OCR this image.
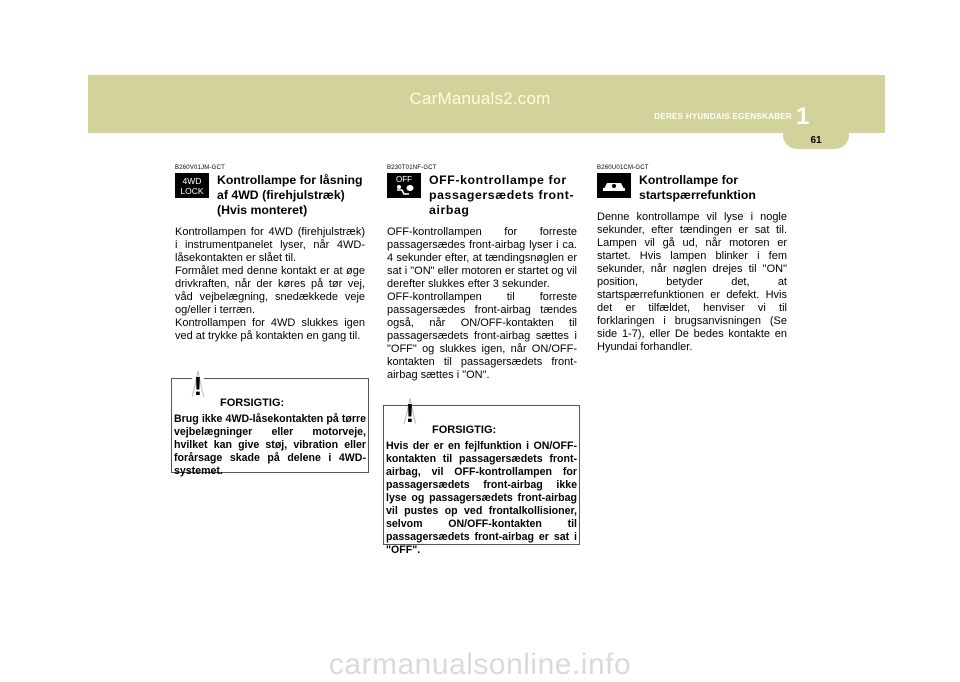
CarManuals2.com
DERES HYUNDAIS EGENSKABER 1
61
B260V01JM-GCT
4WD LOCK
Kontrollampe for låsning af 4WD (firehjulstræk) (Hvis monteret)
Kontrollampen for 4WD (firehjulstræk) i instrumentpanelet lyser, når 4WD-låsekontakten er slået til.
Formålet med denne kontakt er at øge drivkraften, når der køres på tør vej, våd vejbelægning, snedækkede veje og/eller i terræn.
Kontrollampen for 4WD slukkes igen ved at trykke på kontakten en gang til.
B230T01NF-GCT
OFF OFF-kontrollampe for passagersædets front-airbag
OFF-kontrollampen for forreste passagersædes front-airbag lyser i ca. 4 sekunder efter, at tændingsnøglen er sat i "ON" eller motoren er startet og vil derefter slukkes efter 3 sekunder.
OFF-kontrollampen til forreste passagersædes front-airbag tændes også, når ON/OFF-kontakten til passagersædets front-airbag sættes i "OFF" og slukkes igen, når ON/OFF-kontakten til passagersædets front-airbag sættes i "ON".
B260U01CM-GCT
Kontrollampe for startspærrefunktion
Denne kontrollampe vil lyse i nogle sekunder, efter tændingen er sat til. Lampen vil gå ud, når motoren er startet. Hvis lampen blinker i fem sekunder, når nøglen drejes til "ON" position, betyder det, at startspærrefunktionen er defekt. Hvis det er tilfældet, henviser vi til forklaringen i brugsanvisningen (Se side 1-7), eller De bedes kontakte en Hyundai forhandler.
!
FORSIGTIG:
Brug ikke 4WD-låsekontakten på tørre vejbelægninger eller motorveje, hvilket kan give støj, vibration eller forårsage skade på delene i 4WD-systemet.
!
FORSIGTIG:
Hvis der er en fejlfunktion i ON/OFF-kontakten til passagersædets front-airbag, vil OFF-kontrollampen for passagersædets front-airbag ikke lyse og passagersædets front-airbag vil pustes op ved frontalkollisioner, selvom ON/OFF-kontakten til passagersædets front-airbag er sat i "OFF".
carmanualsonline.info
